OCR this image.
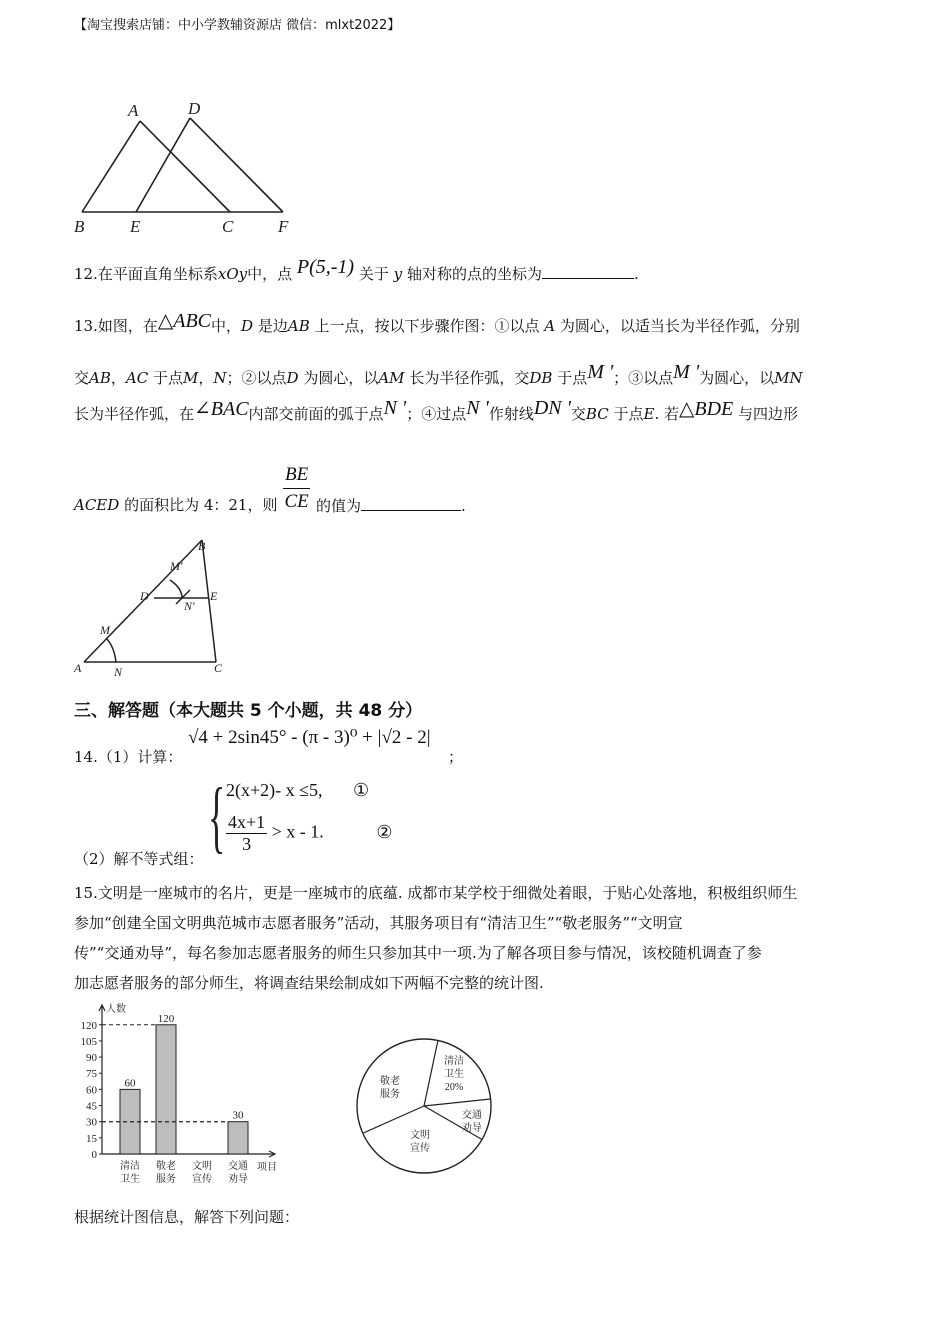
【淘宝搜索店铺：中小学教辅资源店 微信：mlxt2022】
A	D
B	E	C	F
12.在平面直角坐标系xOy中，点 P(5,-1) 关于 y 轴对称的点的坐标为	.
13.如图，在△ABC中，D 是边AB 上一点，按以下步骤作图：①以点 A 为圆心，以适当长为半径作弧，分别
交AB，AC 于点M，N；②以点D 为圆心，以AM 长为半径作弧，交DB 于点M '；③以点M '为圆心，以MN
长为半径作弧，在∠BAC内部交前面的弧于点N '；④过点N '作射线DN '交BC 于点E. 若△BDE 与四边形
ACED 的面积比为 4：21，则 $\frac{BE}{CE}$ 的值为	.
B
M′
D	E
N′
M
A	N	C
三、解答题（本大题共 5 个小题，共 48 分）
14.（1）计算：
√4 + 2sin45° - (π - 3)⁰ + |√2 - 2|
；
（2）解不等式组： { 2(x+2)- x ≤5, ①
$\frac{4x+1}{3} > x - 1$.	②
15.文明是一座城市的名片，更是一座城市的底蕴. 成都市某学校于细微处着眼，于贴心处落地，积极组织师生
参加“创建全国文明典范城市志愿者服务”活动，其服务项目有“清洁卫生”“敬老服务”“文明宣
传”“交通劝导”，每名参加志愿者服务的师生只参加其中一项.为了解各项目参与情况，该校随机调查了参
加志愿者服务的部分师生，将调查结果绘制成如下两幅不完整的统计图.
人数
项目
0
15
30
45
60
75
90
105
120
60
清洁
卫生
120
敬老
服务
文明
宣传
30
交通
劝导
清洁
卫生
20%
交通
劝导
文明
宣传
敬老
服务
根据统计图信息，解答下列问题：
